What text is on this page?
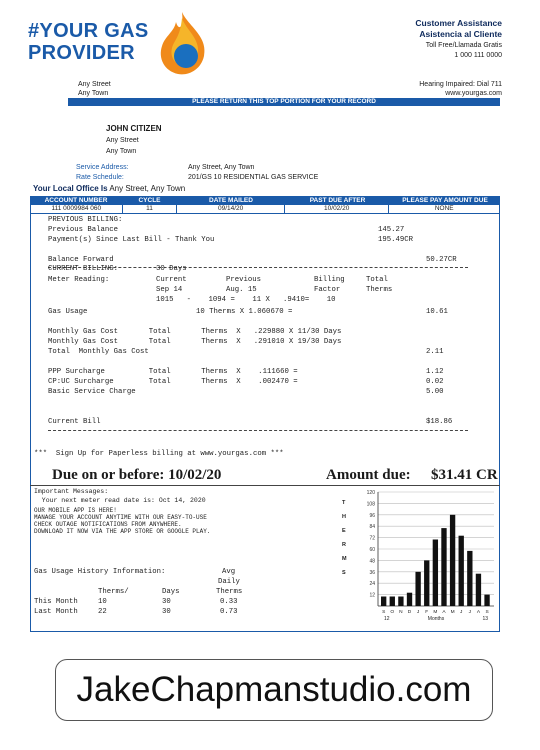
#YOUR GAS
PROVIDER
Any Street
Any Town
Customer Assistance
Asistencia al Cliente
Toll Free/Llamada Gratis
1 000 111 0000
Hearing Impaired: Dial 711
www.yourgas.com
PLEASE RETURN THIS TOP PORTION FOR YOUR RECORD
JOHN CITIZEN
Any Street
Any Town
Service Address:	Any Street, Any Town
Rate Schedule:	201/GS 10 RESIDENTIAL GAS SERVICE
Your Local Office Is Any Street, Any Town
ACCOUNT NUMBER	CYCLE	DATE MAILED	PAST DUE AFTER	PLEASE PAY AMOUNT DUE
111 0009984 060	11	09/14/20	10/02/20	NONE
PREVIOUS BILLING:
Previous Balance	145.27
Payment(s) Since Last Bill - Thank You	195.49CR
Balance Forward	50.27CR
CURRENT BILLING:	30 Days
Meter Reading:	Current	Previous	Billing	Total
Sep 14	Aug. 15	Factor	Therms
1015   -    1094 =    11 X   .9410=    10
Gas Usage	10 Therms X 1.060670 =	10.61
Monthly Gas Cost       Total       Therms  X   .229880 X 11/30 Days
Monthly Gas Cost       Total       Therms  X   .291010 X 19/30 Days
Total  Monthly Gas Cost	2.11
PPP Surcharge          Total       Therms  X    .111660 =	1.12
CP:UC Surcharge        Total       Therms  X    .002470 =	0.02
Basic Service Charge	5.00
Current Bill	$18.86
***  Sign Up for Paperless billing at www.yourgas.com ***
Due on or before: 10/02/20	Amount due: $31.41 CR
Important Messages:
Your next meter read date is: Oct 14, 2020
OUR MOBILE APP IS HERE!
MANAGE YOUR ACCOUNT ANYTIME WITH OUR EASY-TO-USE
CHECK OUTAGE NOTIFICATIONS FROM ANYWHERE.
DOWNLOAD IT NOW VIA THE APP STORE OR GOOGLE PLAY.
Gas Usage History Information:	Avg
Daily
Therms/	Days	Therms
This Month	10	30	0.33
Last Month	22	30	0.73
120
108
96
84
72
60
48
36
24
12
T
H
E
R
M
S
S O N D J F M A M J J A S
12	Months	13
JakeChapmanstudio.com
